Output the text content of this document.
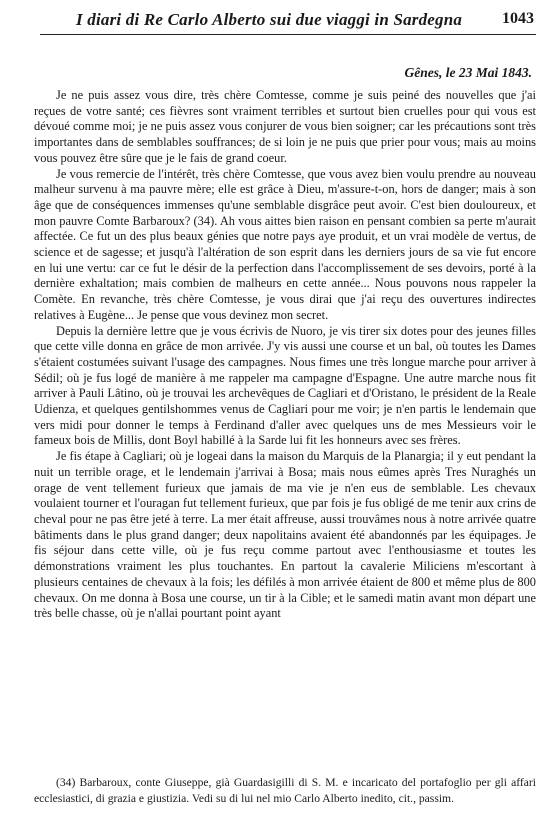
I diari di Re Carlo Alberto sui due viaggi in Sardegna 1043
Gênes, le 23 Mai 1843.

Je ne puis assez vous dire, très chère Comtesse, comme je suis peiné des nouvelles que j'ai reçues de votre santé; ces fièvres sont vraiment terribles et surtout bien cruelles pour qui vous est dévoué comme moi; je ne puis assez vous conjurer de vous bien soigner; car les précautions sont très importantes dans de semblables souffrances; de si loin je ne puis que prier pour vous; mais au moins vous pouvez être sûre que je le fais de grand coeur.

Je vous remercie de l'intérêt, très chère Comtesse, que vous avez bien voulu prendre au nouveau malheur survenu à ma pauvre mère; elle est grâce à Dieu, m'assure-t-on, hors de danger; mais à son âge que de conséquences immenses qu'une semblable disgrâce peut avoir. C'est bien douloureux, et mon pauvre Comte Barbaroux? (34). Ah vous aittes bien raison en pensant combien sa perte m'aurait affectée. Ce fut un des plus beaux génies que notre pays aye produit, et un vrai modèle de vertus, de science et de sagesse; et jusqu'à l'altération de son esprit dans les derniers jours de sa vie fut encore en lui une vertu: car ce fut le désir de la perfection dans l'accomplissement de ses devoirs, porté à la dernière exhaltation; mais combien de malheurs en cette année... Nous pouvons nous rappeler la Comète. En revanche, très chère Comtesse, je vous dirai que j'ai reçu des ouvertures indirectes relatives à Eugène... Je pense que vous devinez mon secret.

Depuis la dernière lettre que je vous écrivis de Nuoro, je vis tirer six dotes pour des jeunes filles que cette ville donna en grâce de mon arrivée. J'y vis aussi une course et un bal, où toutes les Dames s'étaient costumées suivant l'usage des campagnes. Nous fimes une très longue marche pour arriver à Sédil; où je fus logé de manière à me rappeler ma campagne d'Espagne. Une autre marche nous fit arriver à Pauli Lâtino, où je trouvai les archevêques de Cagliari et d'Oristano, le président de la Reale Udienza, et quelques gentilshommes venus de Cagliari pour me voir; je n'en partis le lendemain que vers midi pour donner le temps à Ferdinand d'aller avec quelques uns de mes Messieurs voir le fameux bois de Millis, dont Boyl habillé à la Sarde lui fit les honneurs avec ses frères.

Je fis étape à Cagliari; où je logeai dans la maison du Marquis de la Planargia; il y eut pendant la nuit un terrible orage, et le lendemain j'arrivai à Bosa; mais nous eûmes après Tres Nuraghés un orage de vent tellement furieux que jamais de ma vie je n'en eus de semblable. Les chevaux voulaient tourner et l'ouragan fut tellement furieux, que par fois je fus obligé de me tenir aux crins de cheval pour ne pas être jeté à terre. La mer était affreuse, aussi trouvâmes nous à notre arrivée quatre bâtiments dans le plus grand danger; deux napolitains avaient été abandonnés par les équipages. Je fis séjour dans cette ville, où je fus reçu comme partout avec l'enthousiasme et toutes les démonstrations vraiment les plus touchantes. En partout la cavalerie Miliciens m'escortant à plusieurs centaines de chevaux à la fois; les défilés à mon arrivée étaient de 800 et même plus de 800 chevaux. On me donna à Bosa une course, un tir à la Cible; et le samedi matin avant mon départ une très belle chasse, où je n'allai pourtant point ayant

(34) Barbaroux, conte Giuseppe, già Guardasigilli di S. M. e incaricato del portafoglio per gli affari ecclesiastici, di grazia e giustizia. Vedi su di lui nel mio Carlo Alberto inedito, cit., passim.
